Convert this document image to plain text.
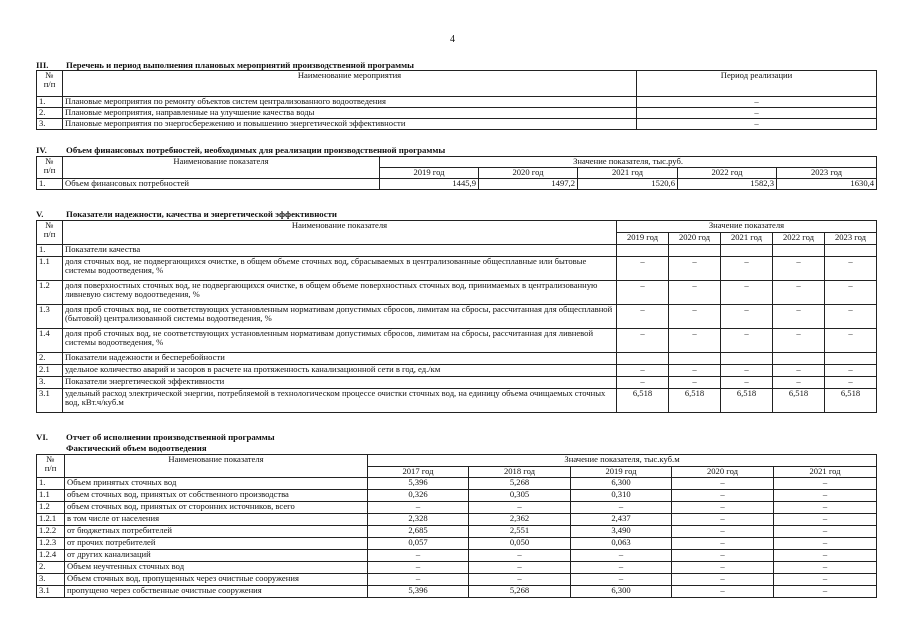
4
III. Перечень и период выполнения плановых мероприятий производственной программы
№
п/п	Наименование мероприятия	Период реализации
1.	Плановые мероприятия по ремонту объектов систем централизованного водоотведения	–
2.	Плановые мероприятия, направленные на улучшение качества воды	–
3.	Плановые мероприятия по энергосбережению и повышению энергетической эффективности	–
IV. Объем финансовых потребностей, необходимых для реализации производственной программы
№
п/п	Наименование показателя	Значение показателя, тыс.руб.				
		2019 год	2020 год	2021 год	2022 год	2023 год
1.	Объем финансовых потребностей	1445,9	1497,2	1520,6	1582,3	1630,4
V.	Показатели надежности, качества и энергетической эффективности
№
п/п	Наименование показателя	Значение показателя				
		2019 год	2020 год	2021 год	2022 год	2023 год
1.	Показатели качества					
1.1	доля сточных вод, не подвергающихся очистке, в общем объеме сточных вод, сбрасываемых в централизованные общесплавные или бытовые системы водоотведения, %	–	–	–	–	–
1.2	доля поверхностных сточных вод, не подвергающихся очистке, в общем объеме поверхностных сточных вод, принимаемых в централизованную ливневую систему водоотведения, %	–	–	–	–	–
1.3	доля проб сточных вод, не соответствующих установленным нормативам допустимых сбросов, лимитам на сбросы, рассчитанная для общесплавной (бытовой) централизованной системы водоотведения, %	–	–	–	–	–
1.4	доля проб сточных вод, не соответствующих установленным нормативам допустимых сбросов, лимитам на сбросы, рассчитанная для ливневой системы водоотведения, %	–	–	–	–	–
2.	Показатели надежности и бесперебойности					
2.1	удельное количество аварий и засоров в расчете на протяженность канализационной сети в год, ед./км	–	–	–	–	–
3.	Показатели энергетической эффективности	–	–	–	–	–
3.1	удельный расход электрической энергии, потребляемой в технологическом процессе очистки сточных вод, на единицу объема очищаемых сточных вод, кВт.ч/куб.м	6,518	6,518	6,518	6,518	6,518
VI. Отчет об исполнении производственной программы
Фактический объем водоотведения
№
п/п	Наименование показателя	Значение показателя, тыс.куб.м				
		2017 год	2018 год	2019 год	2020 год	2021 год
1.	Объем принятых сточных вод	5,396	5,268	6,300	–	–
1.1	объем сточных вод, принятых от собственного производства	0,326	0,305	0,310	–	–
1.2	объем сточных вод, принятых от сторонних источников, всего	–	–	–	–	–
1.2.1	в том числе от населения	2,328	2,362	2,437	–	–
1.2.2	от бюджетных потребителей	2,685	2,551	3,490	–	–
1.2.3	от прочих потребителей	0,057	0,050	0,063	–	–
1.2.4	от других канализаций	–	–	–	–	–
2.	Объем неучтенных сточных вод	–	–	–	–	–
3.	Объем сточных вод, пропущенных через очистные сооружения	–	–	–	–	–
3.1	пропущено через собственные очистные сооружения	5,396	5,268	6,300	–	–
